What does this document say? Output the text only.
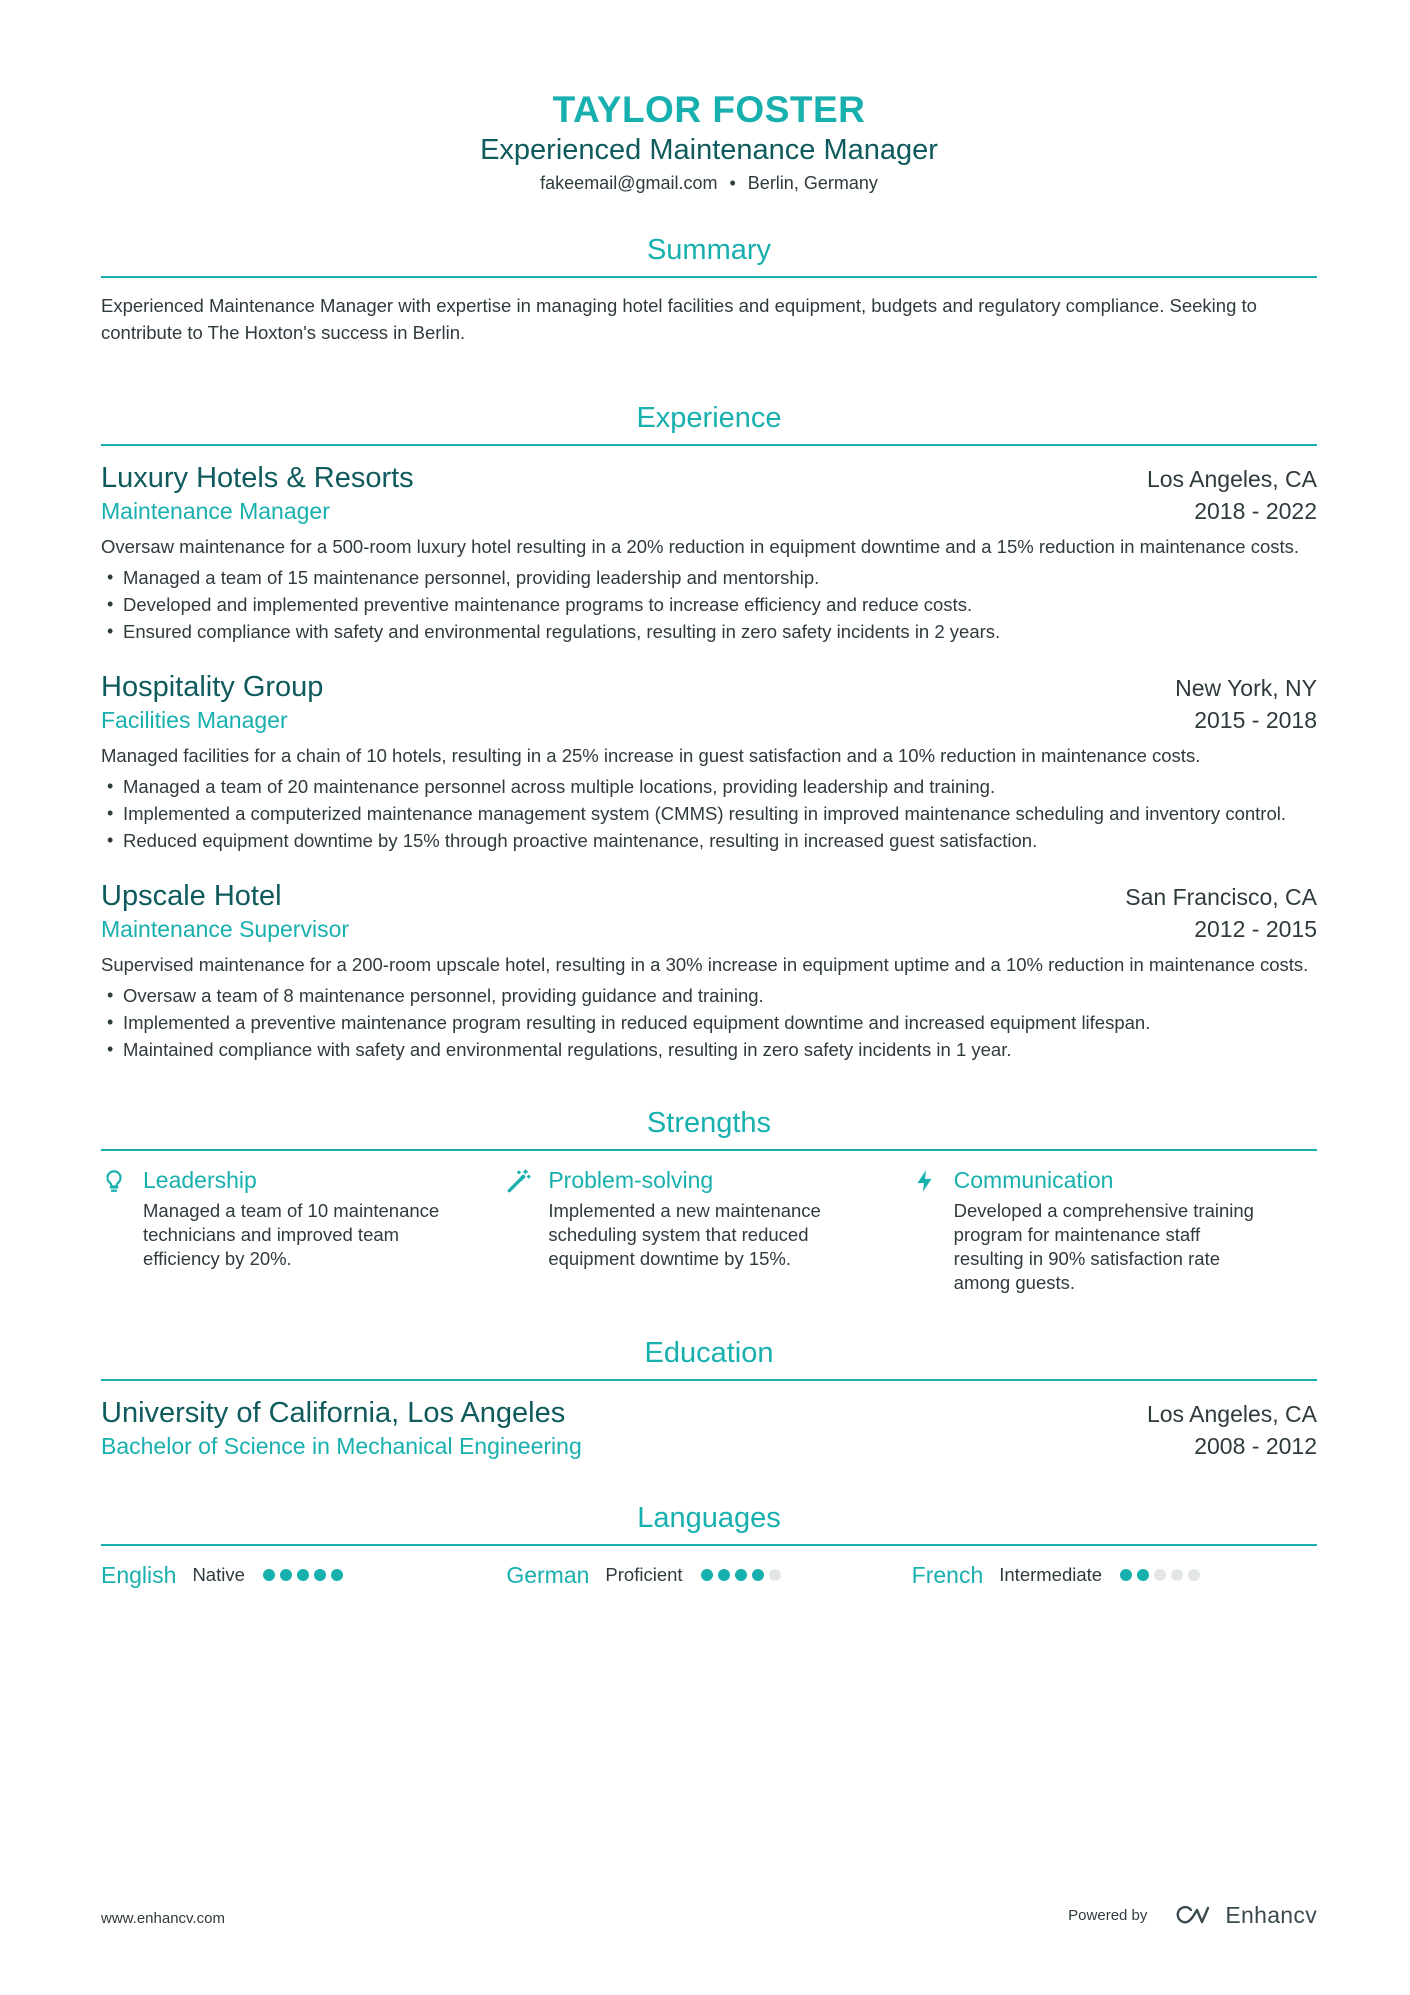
TAYLOR FOSTER
Experienced Maintenance Manager
fakeemail@gmail.com • Berlin, Germany
Summary
Experienced Maintenance Manager with expertise in managing hotel facilities and equipment, budgets and regulatory compliance. Seeking to contribute to The Hoxton's success in Berlin.
Experience
Luxury Hotels & Resorts	Los Angeles, CA
Maintenance Manager	2018 - 2022
Oversaw maintenance for a 500-room luxury hotel resulting in a 20% reduction in equipment downtime and a 15% reduction in maintenance costs.
• Managed a team of 15 maintenance personnel, providing leadership and mentorship.
• Developed and implemented preventive maintenance programs to increase efficiency and reduce costs.
• Ensured compliance with safety and environmental regulations, resulting in zero safety incidents in 2 years.
Hospitality Group	New York, NY
Facilities Manager	2015 - 2018
Managed facilities for a chain of 10 hotels, resulting in a 25% increase in guest satisfaction and a 10% reduction in maintenance costs.
• Managed a team of 20 maintenance personnel across multiple locations, providing leadership and training.
• Implemented a computerized maintenance management system (CMMS) resulting in improved maintenance scheduling and inventory control.
• Reduced equipment downtime by 15% through proactive maintenance, resulting in increased guest satisfaction.
Upscale Hotel	San Francisco, CA
Maintenance Supervisor	2012 - 2015
Supervised maintenance for a 200-room upscale hotel, resulting in a 30% increase in equipment uptime and a 10% reduction in maintenance costs.
• Oversaw a team of 8 maintenance personnel, providing guidance and training.
• Implemented a preventive maintenance program resulting in reduced equipment downtime and increased equipment lifespan.
• Maintained compliance with safety and environmental regulations, resulting in zero safety incidents in 1 year.
Strengths
Leadership
Managed a team of 10 maintenance technicians and improved team efficiency by 20%.
Problem-solving
Implemented a new maintenance scheduling system that reduced equipment downtime by 15%.
Communication
Developed a comprehensive training program for maintenance staff resulting in 90% satisfaction rate among guests.
Education
University of California, Los Angeles	Los Angeles, CA
Bachelor of Science in Mechanical Engineering	2008 - 2012
Languages
English Native	German Proficient	French Intermediate
www.enhancv.com	Powered by	Enhancv
